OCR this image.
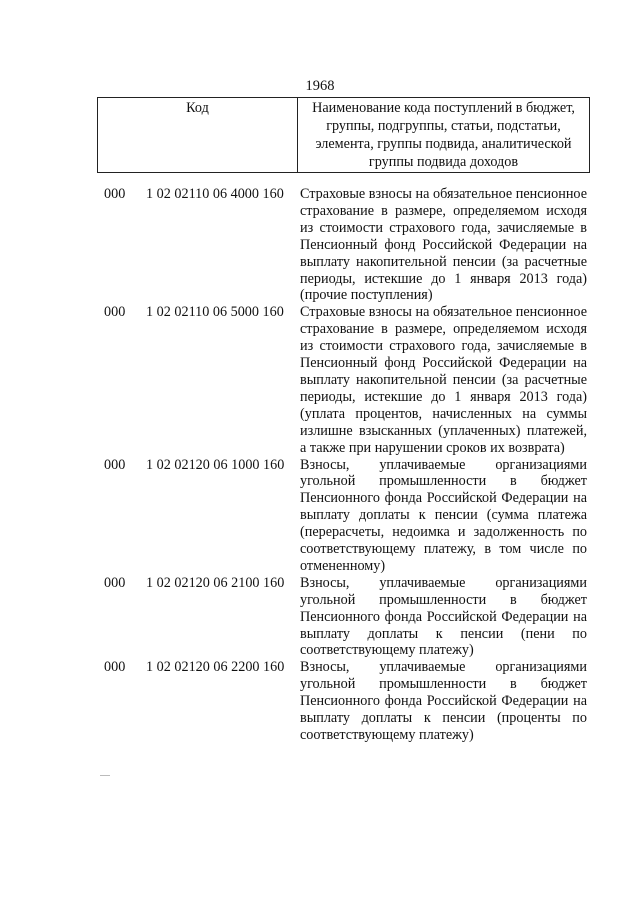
1968
Код	Наименование кода поступлений в бюджет, группы, подгруппы, статьи, подстатьи, элемента, группы подвида, аналитической группы подвида доходов
000 1 02 02110 06 4000 160 Страховые взносы на обязательное пенсионное страхование в размере, определяемом исходя из стоимости страхового года, зачисляемые в Пенсионный фонд Российской Федерации на выплату накопительной пенсии (за расчетные периоды, истекшие до 1 января 2013 года) (прочие поступления)
000 1 02 02110 06 5000 160 Страховые взносы на обязательное пенсионное страхование в размере, определяемом исходя из стоимости страхового года, зачисляемые в Пенсионный фонд Российской Федерации на выплату накопительной пенсии (за расчетные периоды, истекшие до 1 января 2013 года) (уплата процентов, начисленных на суммы излишне взысканных (уплаченных) платежей, а также при нарушении сроков их возврата)
000 1 02 02120 06 1000 160 Взносы, уплачиваемые организациями угольной промышленности в бюджет Пенсионного фонда Российской Федерации на выплату доплаты к пенсии (сумма платежа (перерасчеты, недоимка и задолженность по соответствующему платежу, в том числе по отмененному)
000 1 02 02120 06 2100 160 Взносы, уплачиваемые организациями угольной промышленности в бюджет Пенсионного фонда Российской Федерации на выплату доплаты к пенсии (пени по соответствующему платежу)
000 1 02 02120 06 2200 160 Взносы, уплачиваемые организациями угольной промышленности в бюджет Пенсионного фонда Российской Федерации на выплату доплаты к пенсии (проценты по соответствующему платежу)
